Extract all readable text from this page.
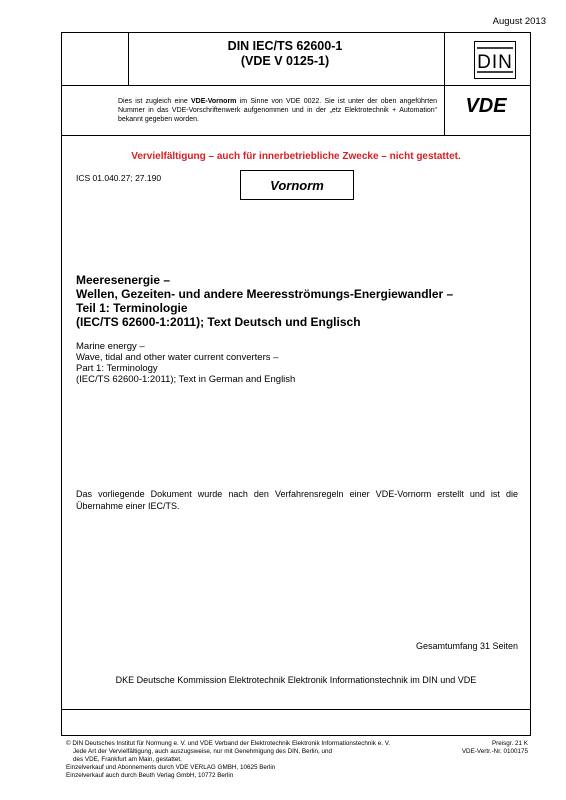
August 2013
DIN IEC/TS 62600-1
(VDE V 0125-1)	DIN
Dies ist zugleich eine VDE-Vornorm im Sinne von VDE 0022. Sie ist unter der oben angeführten Nummer in das VDE-Vorschriftenwerk aufgenommen und in der „etz Elektrotechnik + Automation“ bekannt gegeben worden.
VDE
Vervielfältigung – auch für innerbetriebliche Zwecke – nicht gestattet.
ICS 01.040.27; 27.190	Vornorm
Meeresenergie –
Wellen, Gezeiten- und andere Meeresströmungs-Energiewandler –
Teil 1: Terminologie
(IEC/TS 62600-1:2011); Text Deutsch und Englisch
Marine energy –
Wave, tidal and other water current converters –
Part 1: Terminology
(IEC/TS 62600-1:2011); Text in German and English
Das vorliegende Dokument wurde nach den Verfahrensregeln einer VDE-Vornorm erstellt und ist die Übernahme einer IEC/TS.
Gesamtumfang 31 Seiten
DKE Deutsche Kommission Elektrotechnik Elektronik Informationstechnik im DIN und VDE
© DIN Deutsches Institut für Normung e. V. und VDE Verband der Elektrotechnik Elektronik Informationstechnik e. V.
Jede Art der Vervielfältigung, auch auszugsweise, nur mit Genehmigung des DIN, Berlin, und
des VDE, Frankfurt am Main, gestattet.
Einzelverkauf und Abonnements durch VDE VERLAG GMBH, 10625 Berlin
Einzelverkauf auch durch Beuth Verlag GmbH, 10772 Berlin
Preisgr. 21 K
VDE-Vertr.-Nr. 0100175
